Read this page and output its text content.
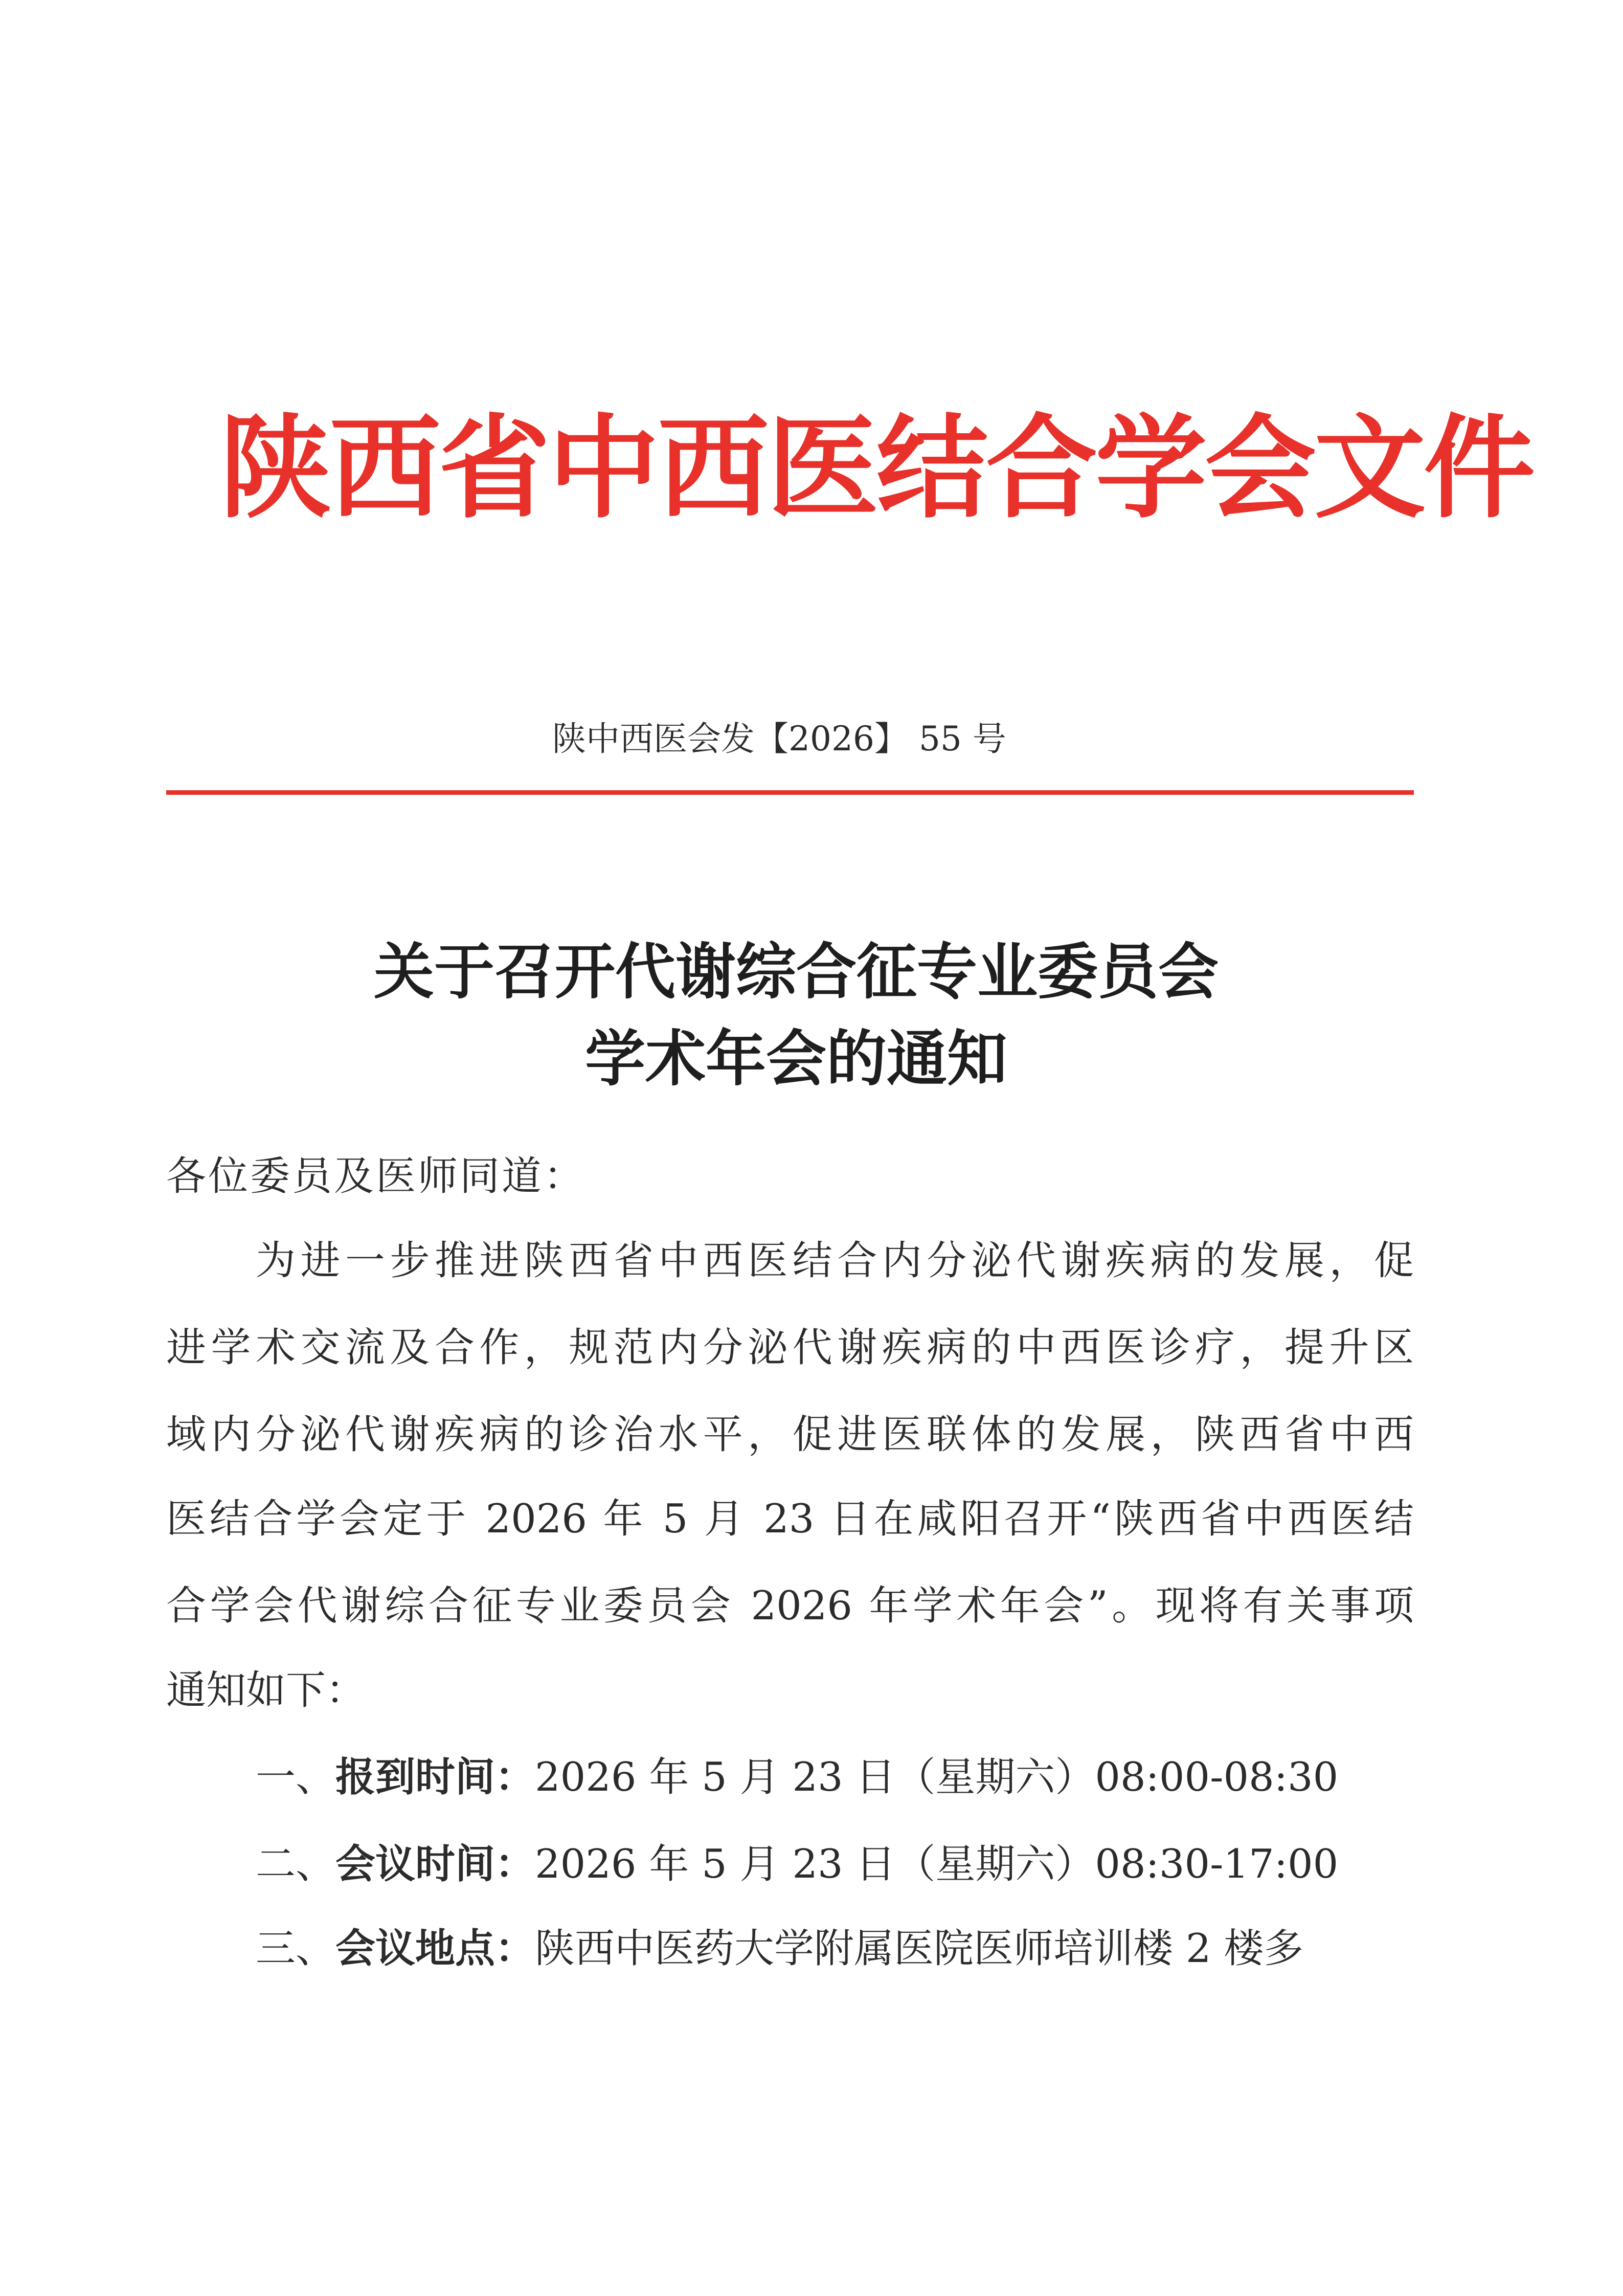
陕西省中西医结合学会文件
陕中西医会发【2026】 55 号
关于召开代谢综合征专业委员会
学术年会的通知
各位委员及医师同道：
为进一步推进陕西省中西医结合内分泌代谢疾病的发展，促
进学术交流及合作，规范内分泌代谢疾病的中西医诊疗，提升区
域内分泌代谢疾病的诊治水平，促进医联体的发展，陕西省中西
医结合学会定于 2026 年 5 月 23 日在咸阳召开“陕西省中西医结
合学会代谢综合征专业委员会 2026 年学术年会”。现将有关事项
通知如下：
一、报到时间：2026 年 5 月 23 日（星期六）08:00-08:30
二、会议时间：2026 年 5 月 23 日（星期六）08:30-17:00
三、会议地点：陕西中医药大学附属医院医师培训楼 2 楼多
